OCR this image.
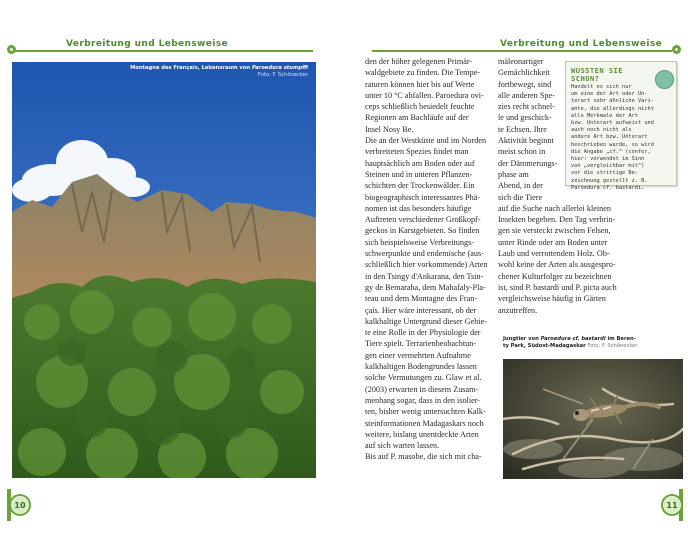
Verbreitung und Lebensweise	Verbreitung und Lebensweise
Montagne des Français, Lebensraum von Paroedura stumpffi
Foto: F. Schönecker
den der höher gelegenen Primär-
waldgebiete zu finden. Die Tempe-
raturen können hier bis auf Werte
unter 10 °C abfallen. Paroedura ovi-
ceps schließlich besiedelt feuchte
Regionen am Bachläufe auf der
Insel Nosy Be.
Die an der Westküste und im Norden
verbreiteten Spezies findet man
hauptsächlich am Boden oder auf
Steinen und in unteren Pflanzen-
schichten der Trockenwälder. Ein
biogeographisch interessantes Phä-
nomen ist das besonders häufige
Auftreten verschiedener Großkopf-
geckos in Karstgebieten. So finden
sich beispielsweise Verbreitungs-
schwerpunkte und endemische (aus-
schließlich hier vorkommende) Arten
in den Tsingy d'Ankarana, den Tsin-
gy de Bemaraha, dem Mahafaly-Pla-
teau und dem Montagne des Fran-
çais. Hier wäre interessant, ob der
kalkhaltige Untergrund dieser Gebie-
te eine Rolle in der Physiologie der
Tiere spielt. Terrarienbeobachtun-
gen einer vermehrten Aufnahme
kalkhaltigen Bodengrundes lassen
solche Vermutungen zu. Glaw et al.
(2003) erwarten in diesem Zusam-
menhang sogar, dass in den isolier-
ten, bisher wenig untersuchten Kalk-
steinformationen Madagaskars noch
weitere, bislang unentdeckte Arten
auf sich warten lassen.
Bis auf P. masobe, die sich mit cha-
mäleonartiger
Gemächlichkeit
fortbewegt, sind
alle anderen Spe-
zies recht schnel-
le und geschick-
te Echsen. Ihre
Aktivität beginnt
meist schon in
der Dämmerungs-
phase am
Abend, in der
sich die Tiere
auf die Suche nach allerlei kleinen
Insekten begeben. Den Tag verbrin-
gen sie versteckt zwischen Felsen,
unter Rinde oder am Boden unter
Laub und verrottendem Holz. Ob-
wohl keine der Arten als ausgespro-
chener Kulturfolger zu bezeichnen
ist, sind P. bastardi und P. picta auch
vergleichsweise häufig in Gärten
anzutreffen.
WUSSTEN SIE
SCHON?
Handelt es sich nur
um eine der Art oder Un-
terart sehr ähnliche Vari-
ante, die allerdings nicht
alle Merkmale der Art
bzw. Unterart aufweist und
auch noch nicht als
andere Art bzw. Unterart
beschrieben wurde, so wird
die Angabe „cf.“ (confer,
hier: verwendet im Sinn
von „vergleichbar mit“)
vor die strittige Be-
zeichnung gestellt z. B.
Paroedura cf. bastardi.
Jungtier von Paroedura cf. bastardi im Beren-
ty Park, Südost-Madagaskar Foto: F. Schönecker
10	11
